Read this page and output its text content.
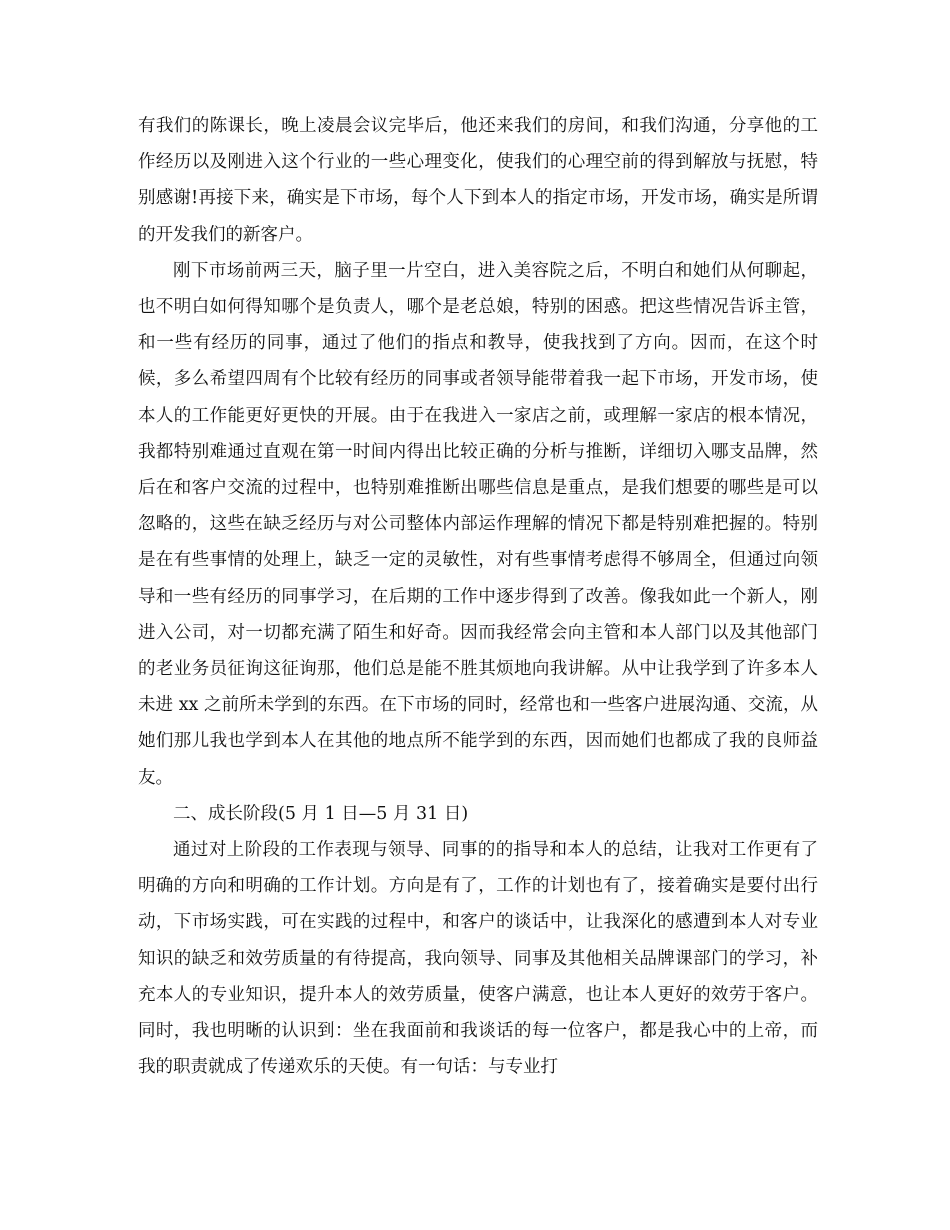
有我们的陈课长，晚上凌晨会议完毕后，他还来我们的房间，和我们沟通，分享他的工作经历以及刚进入这个行业的一些心理变化，使我们的心理空前的得到解放与抚慰，特别感谢!再接下来，确实是下市场，每个人下到本人的指定市场，开发市场，确实是所谓的开发我们的新客户。

刚下市场前两三天，脑子里一片空白，进入美容院之后，不明白和她们从何聊起，也不明白如何得知哪个是负责人，哪个是老总娘，特别的困惑。把这些情况告诉主管，和一些有经历的同事，通过了他们的指点和教导，使我找到了方向。因而，在这个时候，多么希望四周有个比较有经历的同事或者领导能带着我一起下市场，开发市场，使本人的工作能更好更快的开展。由于在我进入一家店之前，或理解一家店的根本情况，我都特别难通过直观在第一时间内得出比较正确的分析与推断，详细切入哪支品牌，然后在和客户交流的过程中，也特别难推断出哪些信息是重点，是我们想要的哪些是可以忽略的，这些在缺乏经历与对公司整体内部运作理解的情况下都是特别难把握的。特别是在有些事情的处理上，缺乏一定的灵敏性，对有些事情考虑得不够周全，但通过向领导和一些有经历的同事学习，在后期的工作中逐步得到了改善。像我如此一个新人，刚进入公司，对一切都充满了陌生和好奇。因而我经常会向主管和本人部门以及其他部门的老业务员征询这征询那，他们总是能不胜其烦地向我讲解。从中让我学到了许多本人未进 xx 之前所未学到的东西。在下市场的同时，经常也和一些客户进展沟通、交流，从她们那儿我也学到本人在其他的地点所不能学到的东西，因而她们也都成了我的良师益友。

二、成长阶段(5 月 1 日—5 月 31 日)

通过对上阶段的工作表现与领导、同事的的指导和本人的总结，让我对工作更有了明确的方向和明确的工作计划。方向是有了，工作的计划也有了，接着确实是要付出行动，下市场实践，可在实践的过程中，和客户的谈话中，让我深化的感遭到本人对专业知识的缺乏和效劳质量的有待提高，我向领导、同事及其他相关品牌课部门的学习，补充本人的专业知识，提升本人的效劳质量，使客户满意，也让本人更好的效劳于客户。同时，我也明晰的认识到：坐在我面前和我谈话的每一位客户，都是我心中的上帝，而我的职责就成了传递欢乐的天使。有一句话：与专业打
